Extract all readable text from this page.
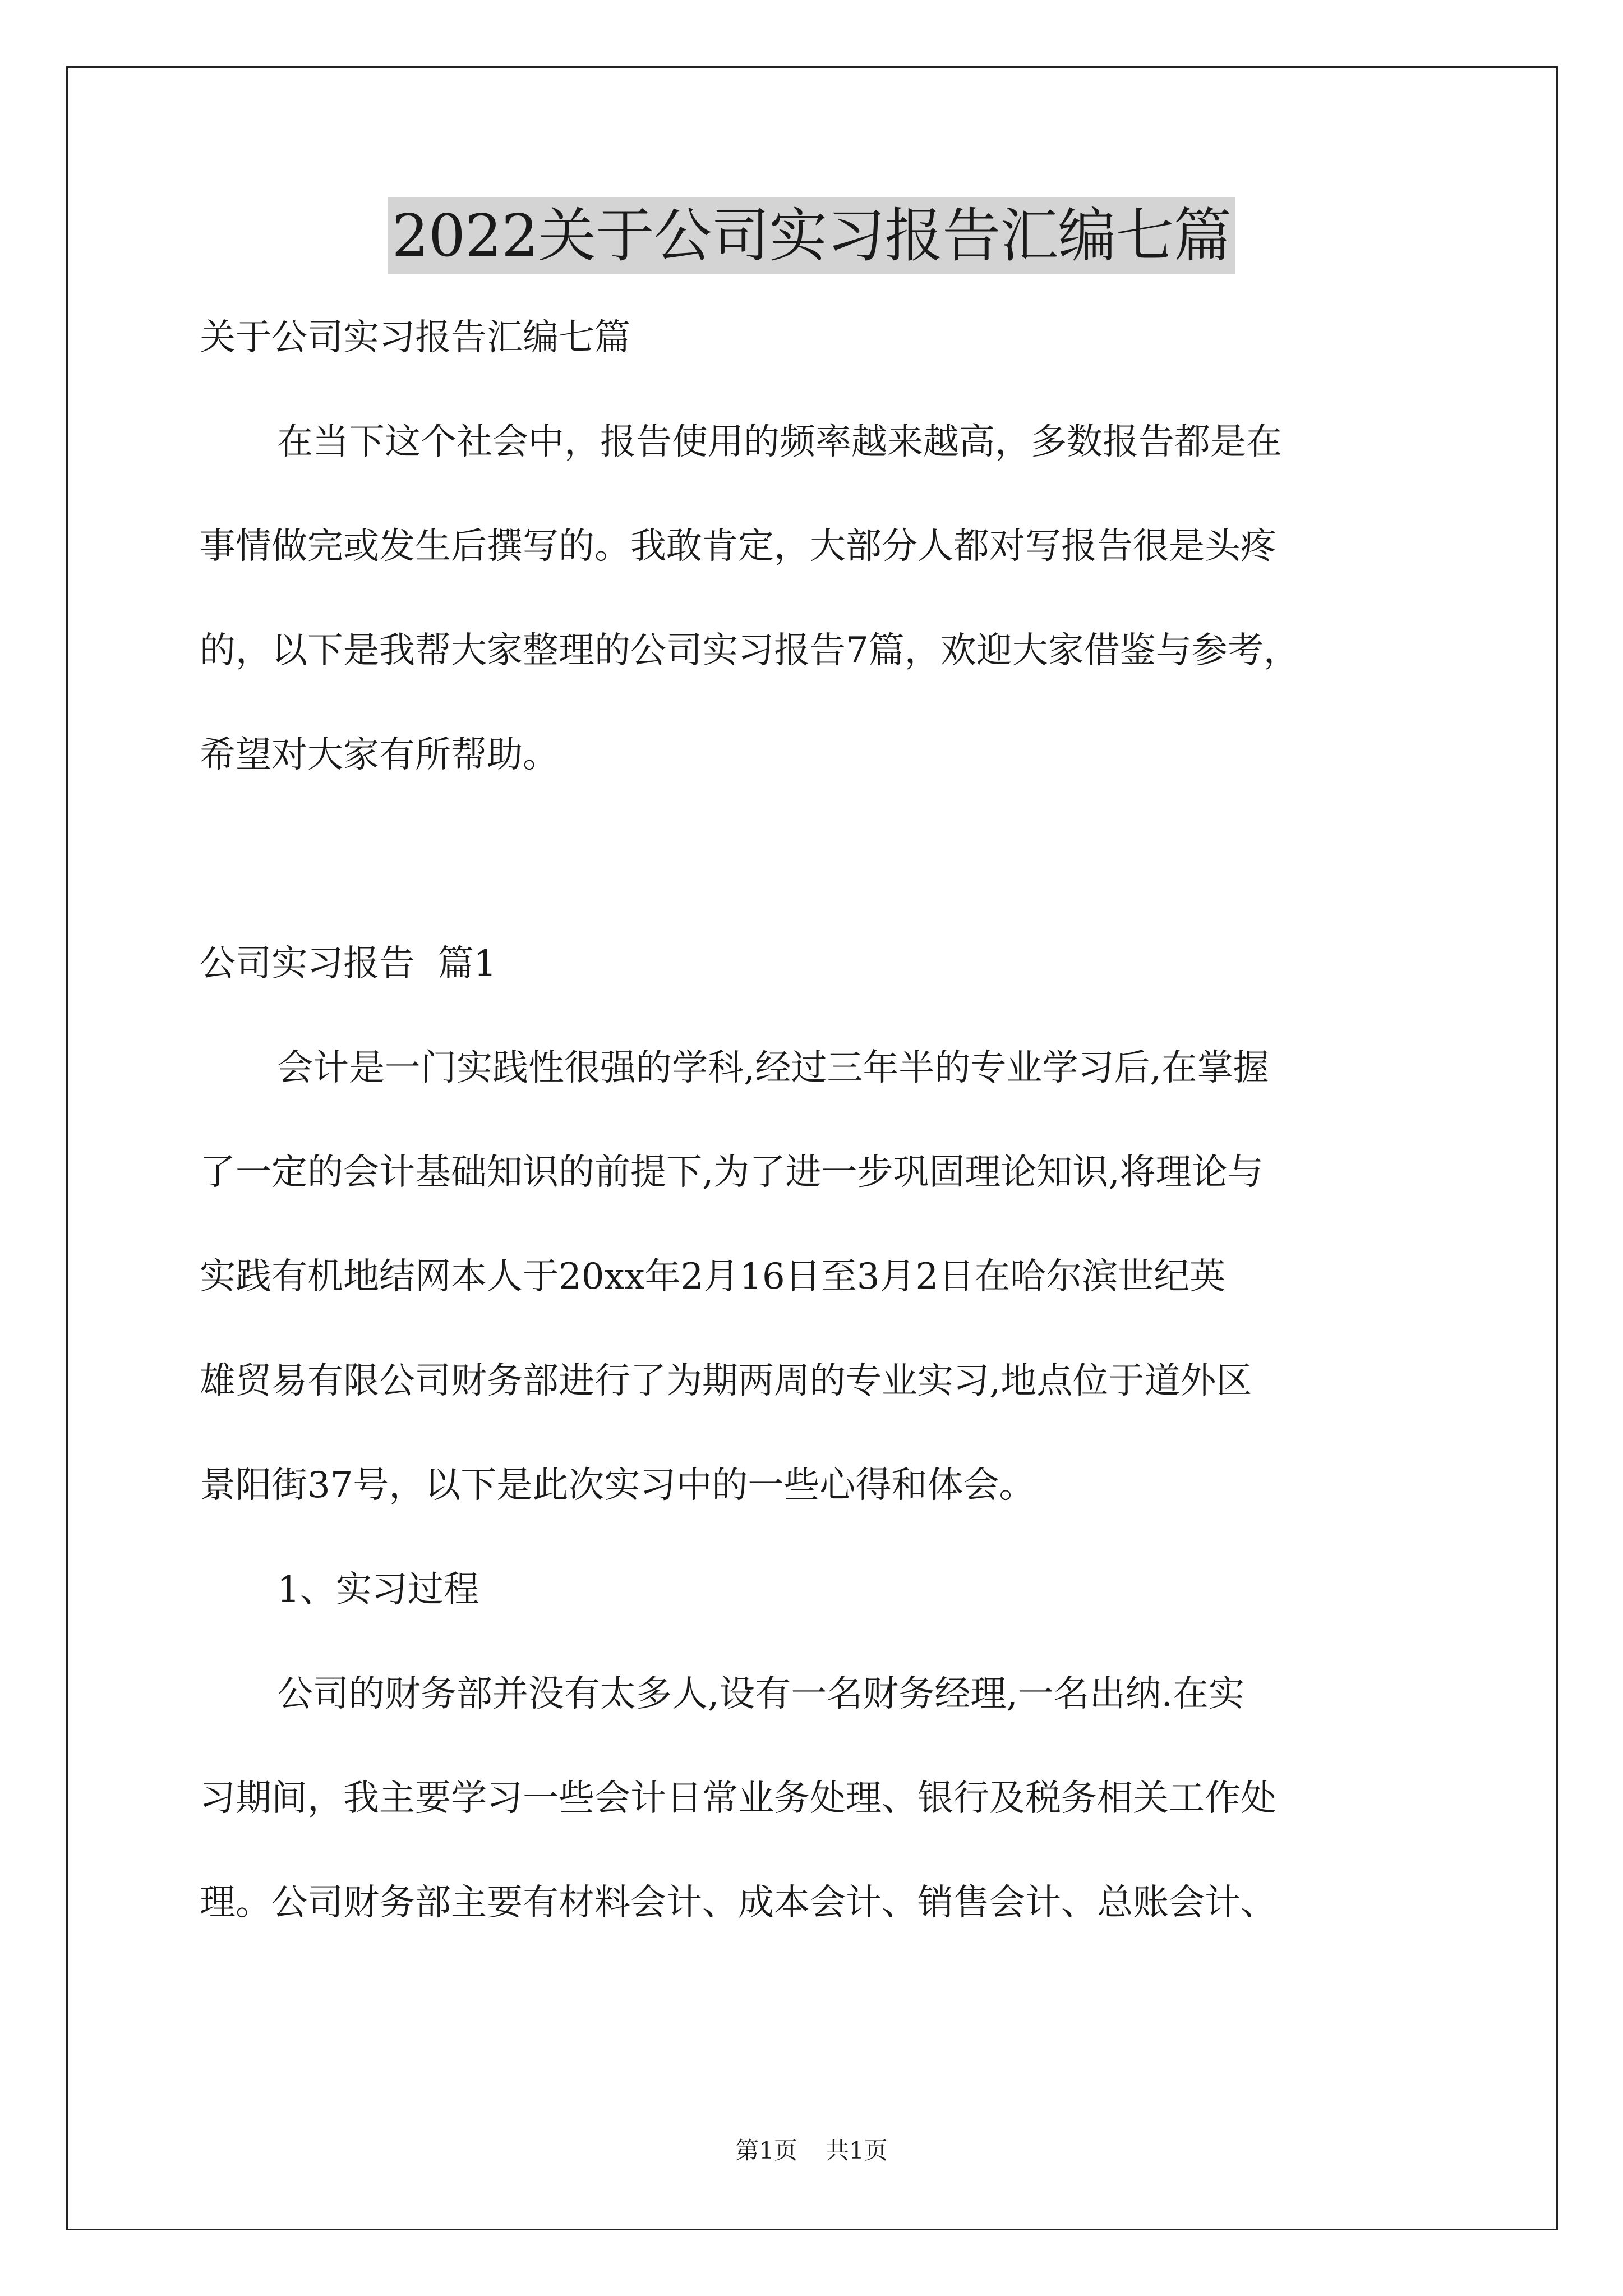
2022关于公司实习报告汇编七篇
关于公司实习报告汇编七篇
在当下这个社会中，报告使用的频率越来越高，多数报告都是在
事情做完或发生后撰写的。我敢肯定，大部分人都对写报告很是头疼
的，以下是我帮大家整理的公司实习报告7篇，欢迎大家借鉴与参考，
希望对大家有所帮助。
公司实习报告  篇1
会计是一门实践性很强的学科,经过三年半的专业学习后,在掌握
了一定的会计基础知识的前提下,为了进一步巩固理论知识,将理论与
实践有机地结网本人于20xx年2月16日至3月2日在哈尔滨世纪英
雄贸易有限公司财务部进行了为期两周的专业实习,地点位于道外区
景阳街37号，以下是此次实习中的一些心得和体会。
1、实习过程
公司的财务部并没有太多人,设有一名财务经理,一名出纳.在实
习期间，我主要学习一些会计日常业务处理、银行及税务相关工作处
理。公司财务部主要有材料会计、成本会计、销售会计、总账会计、
第1页 共1页
